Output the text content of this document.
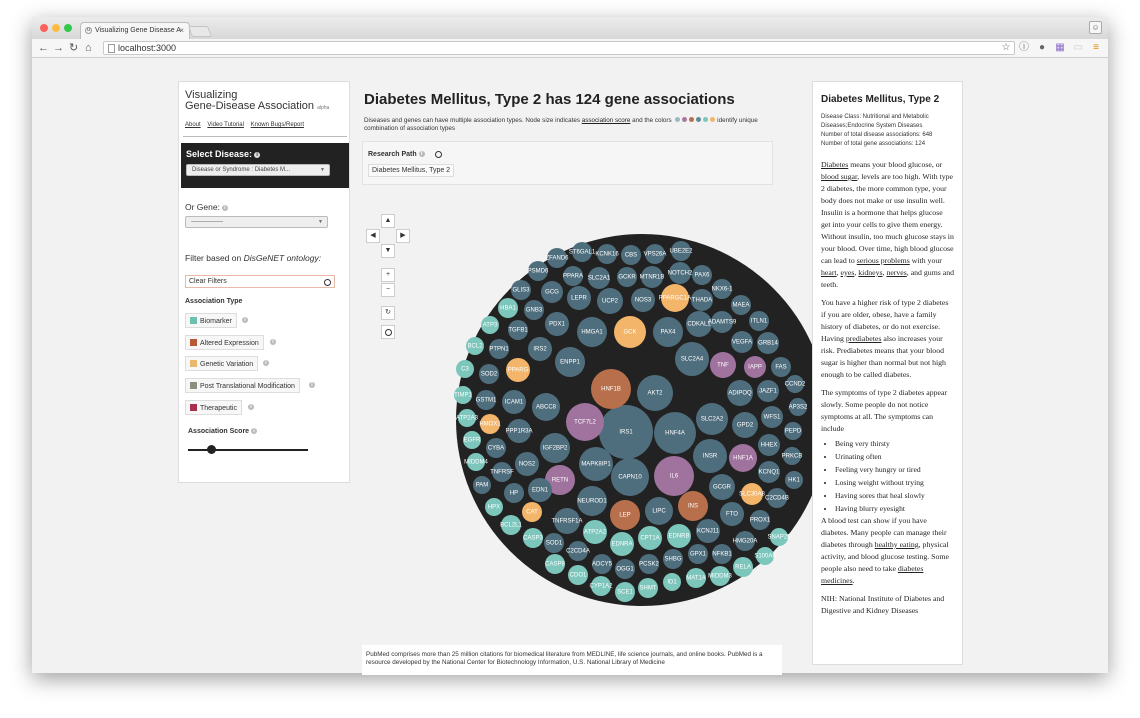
u Visualizing Gene Disease A
×	☺
← → ↻ ⌂	localhost:3000	☆ ⓘ ● ▦ ▭	≡
Visualizing
Gene-Disease Association alpha
About Video Tutorial Known Bugs/Report
Select Disease: i
Disease or Syndrome : Diabetes M...	▼
Or Gene: i
----------------	▼
Filter based on DisGeNET ontology:
Clear Filters
Association Type
Biomarker	i
Altered Expression	i
Genetic Variation	i
Post Translational Modification	i
Therapeutic	i
Association Score i
Diabetes Mellitus, Type 2 has 124 gene associations
Diseases and genes can have multiple association types. Node size indicates association score and the colors	identify unique combination of association types
Research Path i
Diabetes Mellitus, Type 2
▲
◀	▶
▼
+
−
↻
IRS1	HNF4A
IL6
CAPN10
TCF7L2
HNF1B
AKT2
INSR
MAPK8IP1
IGF2BP2
LEP
LIPC
INS
RETN
NEUROD1
SLC2A2
SLC2A4
PAX4
GCK
HMGA1
ENPP1
ABCC8
HNF1A
GCGR
GPD2
ADIPOQ
TNF	IAPP
CDKAL1
PPARGC1A
NOS3
UCP2
LEPR
PDX1
IRS2
PPARG
ICAM1
PPP1R3A
NOS2
EDN1
TNFRSF1A
ATP2A2
EDNRA
CPT1A EDNRB
KCNJ11
FTO
SLC30A8
KCNQ1
HHEX
WFS1
JAZF1
FAS
GRB14
VEGFA
ITLN1
ADAMTS9
MAEA
THADA
NKX6-1
NOTCH2 PAX6
MTNR1B
VPS26A UBE2E2
CBS
GCKR
SLC2A1
KCNK16
ST6GAL1
PPARA
ZFAND6
PSMD6
GCG
GLIS3
GNB3
HBA1
TGFB1
ATP3
PTPN1
BCL2
SOD2
C3
TIMP1
GSTM1
ATP2A3
HMOX1
EGFR
CYBA
MIDDM4
TNFRSF
PAM
HP
HPX
CAT
BCL2L1
SOD1
CASP3
C2CD4A
CASP8	ADCY5
CDO1
OGG1
PCSK2
CYP1A2
SCE1
SHMT
SHBG
ID1
MAT1A
GPX1 NFKB1
MIDDM3
RELA
HMG20A
PROX1
C2CD4B
S100A8
SNAP25
HK1
PRKCB
PEPD
AP3S2
CCND2
PubMed comprises more than 25 million citations for biomedical literature from MEDLINE, life science journals, and online books. PubMed is a resource developed by the National Center for Biotechnology Information, U.S. National Library of Medicine
Diabetes Mellitus, Type 2
Disease Class: Nutritional and Metabolic Diseases;Endocrine System Diseases
Number of total disease associations: 648
Number of total gene associations: 124

Diabetes means your blood glucose, or blood sugar, levels are too high. With type 2 diabetes, the more common type, your body does not make or use insulin well. Insulin is a hormone that helps glucose get into your cells to give them energy. Without insulin, too much glucose stays in your blood. Over time, high blood glucose can lead to serious problems with your heart, eyes, kidneys, nerves, and gums and teeth.

You have a higher risk of type 2 diabetes if you are older, obese, have a family history of diabetes, or do not exercise. Having prediabetes also increases your risk. Prediabetes means that your blood sugar is higher than normal but not high enough to be called diabetes.

The symptoms of type 2 diabetes appear slowly. Some people do not notice symptoms at all. The symptoms can include

• Being very thirsty
• Urinating often
• Feeling very hungry or tired
• Losing weight without trying
• Having sores that heal slowly
• Having blurry eyesight

A blood test can show if you have diabetes. Many people can manage their diabetes through healthy eating, physical activity, and blood glucose testing. Some people also need to take diabetes medicines.

NIH: National Institute of Diabetes and Digestive and Kidney Diseases
